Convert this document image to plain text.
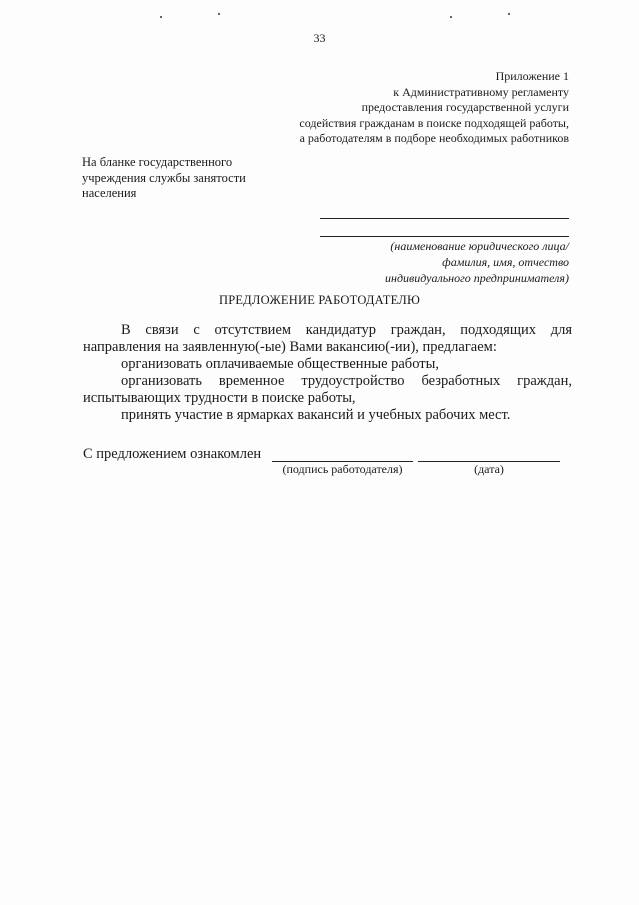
33
Приложение 1
к Административному регламенту
предоставления государственной услуги
содействия гражданам в поиске подходящей работы,
а работодателям в подборе необходимых работников
На бланке государственного
учреждения службы занятости
населения
(наименование юридического лица/
фамилия, имя, отчество
индивидуального предпринимателя)
ПРЕДЛОЖЕНИЕ РАБОТОДАТЕЛЮ

В связи с отсутствием кандидатур граждан, подходящих для

направления на заявленную(-ые) Вами вакансию(-ии), предлагаем:

организовать оплачиваемые общественные работы,

организовать временное трудоустройство безработных граждан,

испытывающих трудности в поиске работы,

принять участие в ярмарках вакансий и учебных рабочих мест.

С предложением ознакомлен
(подпись работодателя)	(дата)
